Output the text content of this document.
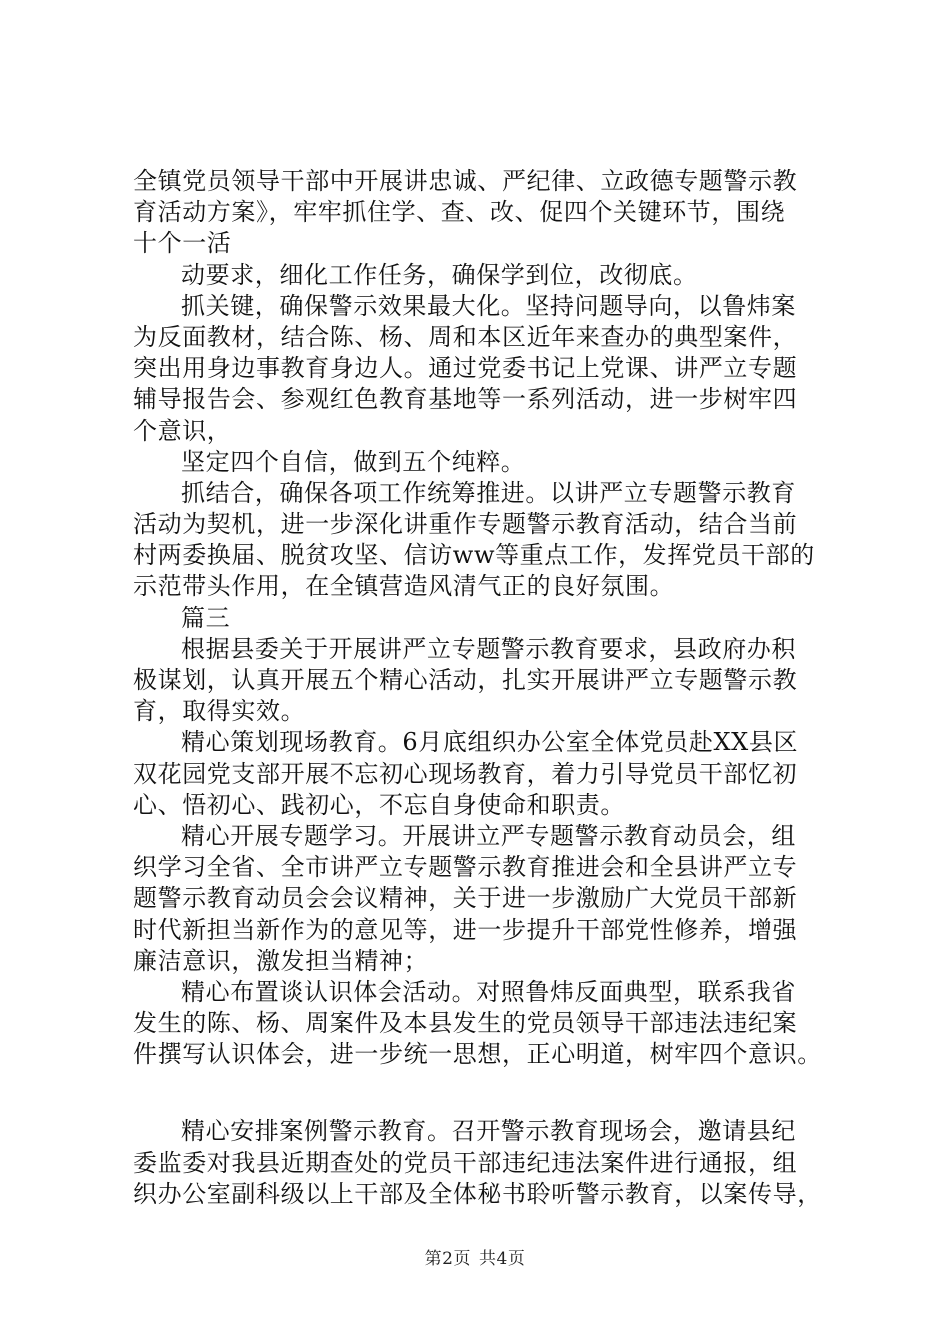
全镇党员领导干部中开展讲忠诚、严纪律、立政德专题警示教
育活动方案》，牢牢抓住学、查、改、促四个关键环节，围绕
十个一活
动要求，细化工作任务，确保学到位，改彻底。
抓关键，确保警示效果最大化。坚持问题导向，以鲁炜案
为反面教材，结合陈、杨、周和本区近年来查办的典型案件，
突出用身边事教育身边人。通过党委书记上党课、讲严立专题
辅导报告会、参观红色教育基地等一系列活动，进一步树牢四
个意识，
坚定四个自信，做到五个纯粹。
抓结合，确保各项工作统筹推进。以讲严立专题警示教育
活动为契机，进一步深化讲重作专题警示教育活动，结合当前
村两委换届、脱贫攻坚、信访ww等重点工作，发挥党员干部的
示范带头作用，在全镇营造风清气正的良好氛围。
篇三
根据县委关于开展讲严立专题警示教育要求，县政府办积
极谋划，认真开展五个精心活动，扎实开展讲严立专题警示教
育，取得实效。
精心策划现场教育。6月底组织办公室全体党员赴XX县区
双花园党支部开展不忘初心现场教育，着力引导党员干部忆初
心、悟初心、践初心，不忘自身使命和职责。
精心开展专题学习。开展讲立严专题警示教育动员会，组
织学习全省、全市讲严立专题警示教育推进会和全县讲严立专
题警示教育动员会会议精神，关于进一步激励广大党员干部新
时代新担当新作为的意见等，进一步提升干部党性修养，增强
廉洁意识，激发担当精神；
精心布置谈认识体会活动。对照鲁炜反面典型，联系我省
发生的陈、杨、周案件及本县发生的党员领导干部违法违纪案
件撰写认识体会，进一步统一思想，正心明道，树牢四个意识。
精心安排案例警示教育。召开警示教育现场会，邀请县纪
委监委对我县近期查处的党员干部违纪违法案件进行通报，组
织办公室副科级以上干部及全体秘书聆听警示教育，以案传导，
第2页 共4页
